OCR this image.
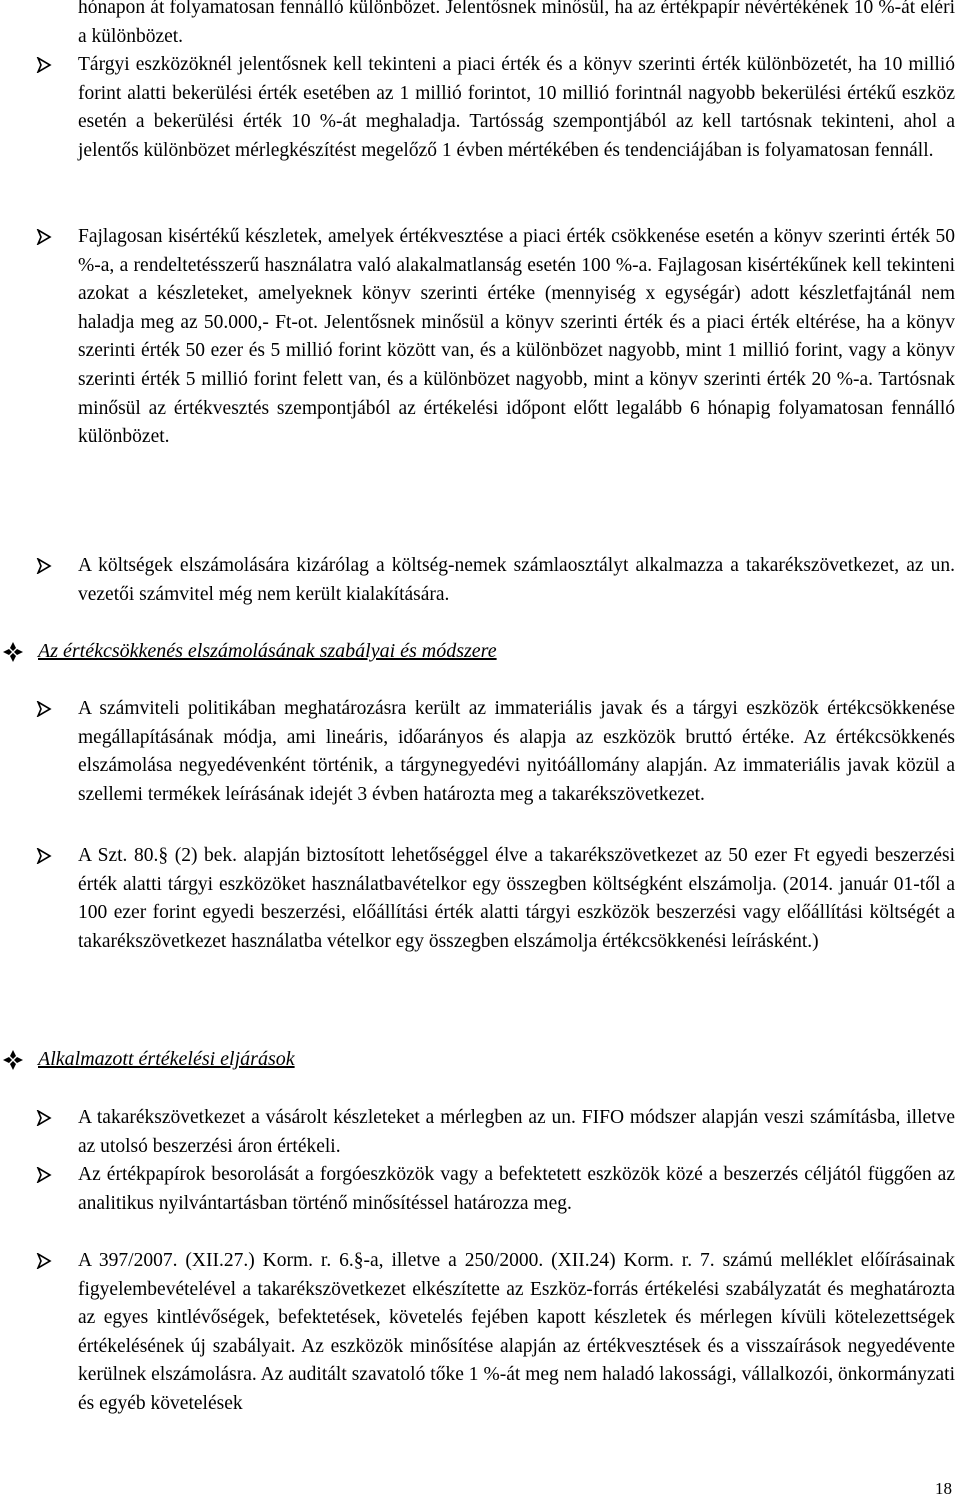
hónapon át folyamatosan fennálló különbözet. Jelentősnek minősül, ha az értékpapír névértékének 10 %-át eléri a különbözet.
Tárgyi eszközöknél jelentősnek kell tekinteni a piaci érték és a könyv szerinti érték különbözetét, ha 10 millió forint alatti bekerülési érték esetében az 1 millió forintot, 10 millió forintnál nagyobb bekerülési értékű eszköz esetén a bekerülési érték 10 %-át meghaladja. Tartósság szempontjából az kell tartósnak tekinteni, ahol a jelentős különbözet mérlegkészítést megelőző 1 évben mértékében és tendenciájában is folyamatosan fennáll.
Fajlagosan kisértékű készletek, amelyek értékvesztése a piaci érték csökkenése esetén a könyv szerinti érték 50 %-a, a rendeltetésszerű használatra való alakalmatlanság esetén 100 %-a. Fajlagosan kisértékűnek kell tekinteni azokat a készleteket, amelyeknek könyv szerinti értéke (mennyiség x egységár) adott készletfajtánál nem haladja meg az 50.000,- Ft-ot. Jelentősnek minősül a könyv szerinti érték és a piaci érték eltérése, ha a könyv szerinti érték 50 ezer és 5 millió forint között van, és a különbözet nagyobb, mint 1 millió forint, vagy a könyv szerinti érték 5 millió forint felett van, és a különbözet nagyobb, mint a könyv szerinti érték 20 %-a. Tartósnak minősül az értékvesztés szempontjából az értékelési időpont előtt legalább 6 hónapig folyamatosan fennálló különbözet.
A költségek elszámolására kizárólag a költség-nemek számlaosztályt alkalmazza a takarékszövetkezet, az un. vezetői számvitel még nem került kialakítására.
Az értékcsökkenés elszámolásának szabályai és módszere
A számviteli politikában meghatározásra került az immateriális javak és a tárgyi eszközök értékcsökkenése megállapításának módja, ami lineáris, időarányos és alapja az eszközök bruttó értéke. Az értékcsökkenés elszámolása negyedévenként történik, a tárgynegyedévi nyitóállomány alapján. Az immateriális javak közül a szellemi termékek leírásának idejét 3 évben határozta meg a takarékszövetkezet.
A Szt. 80.§ (2) bek. alapján biztosított lehetőséggel élve a takarékszövetkezet az 50 ezer Ft egyedi beszerzési érték alatti tárgyi eszközöket használatbavételkor egy összegben költségként elszámolja. (2014. január 01-től a 100 ezer forint egyedi beszerzési, előállítási érték alatti tárgyi eszközök beszerzési vagy előállítási költségét a takarékszövetkezet használatba vételkor egy összegben elszámolja értékcsökkenési leírásként.)
Alkalmazott értékelési eljárások
A takarékszövetkezet a vásárolt készleteket a mérlegben az un. FIFO módszer alapján veszi számításba, illetve az utolsó beszerzési áron értékeli.
Az értékpapírok besorolását a forgóeszközök vagy a befektetett eszközök közé a beszerzés céljától függően az analitikus nyilvántartásban történő minősítéssel határozza meg.
A 397/2007. (XII.27.) Korm. r. 6.§-a, illetve a 250/2000. (XII.24) Korm. r. 7. számú melléklet előírásainak figyelembevételével a takarékszövetkezet elkészítette az Eszköz-forrás értékelési szabályzatát és meghatározta az egyes kintlévőségek, befektetések, követelés fejében kapott készletek és mérlegen kívüli kötelezettségek értékelésének új szabályait. Az eszközök minősítése alapján az értékvesztések és a visszaírások negyedévente kerülnek elszámolásra. Az auditált szavatoló tőke 1 %-át meg nem haladó lakossági, vállalkozói, önkormányzati és egyéb követelések
18
